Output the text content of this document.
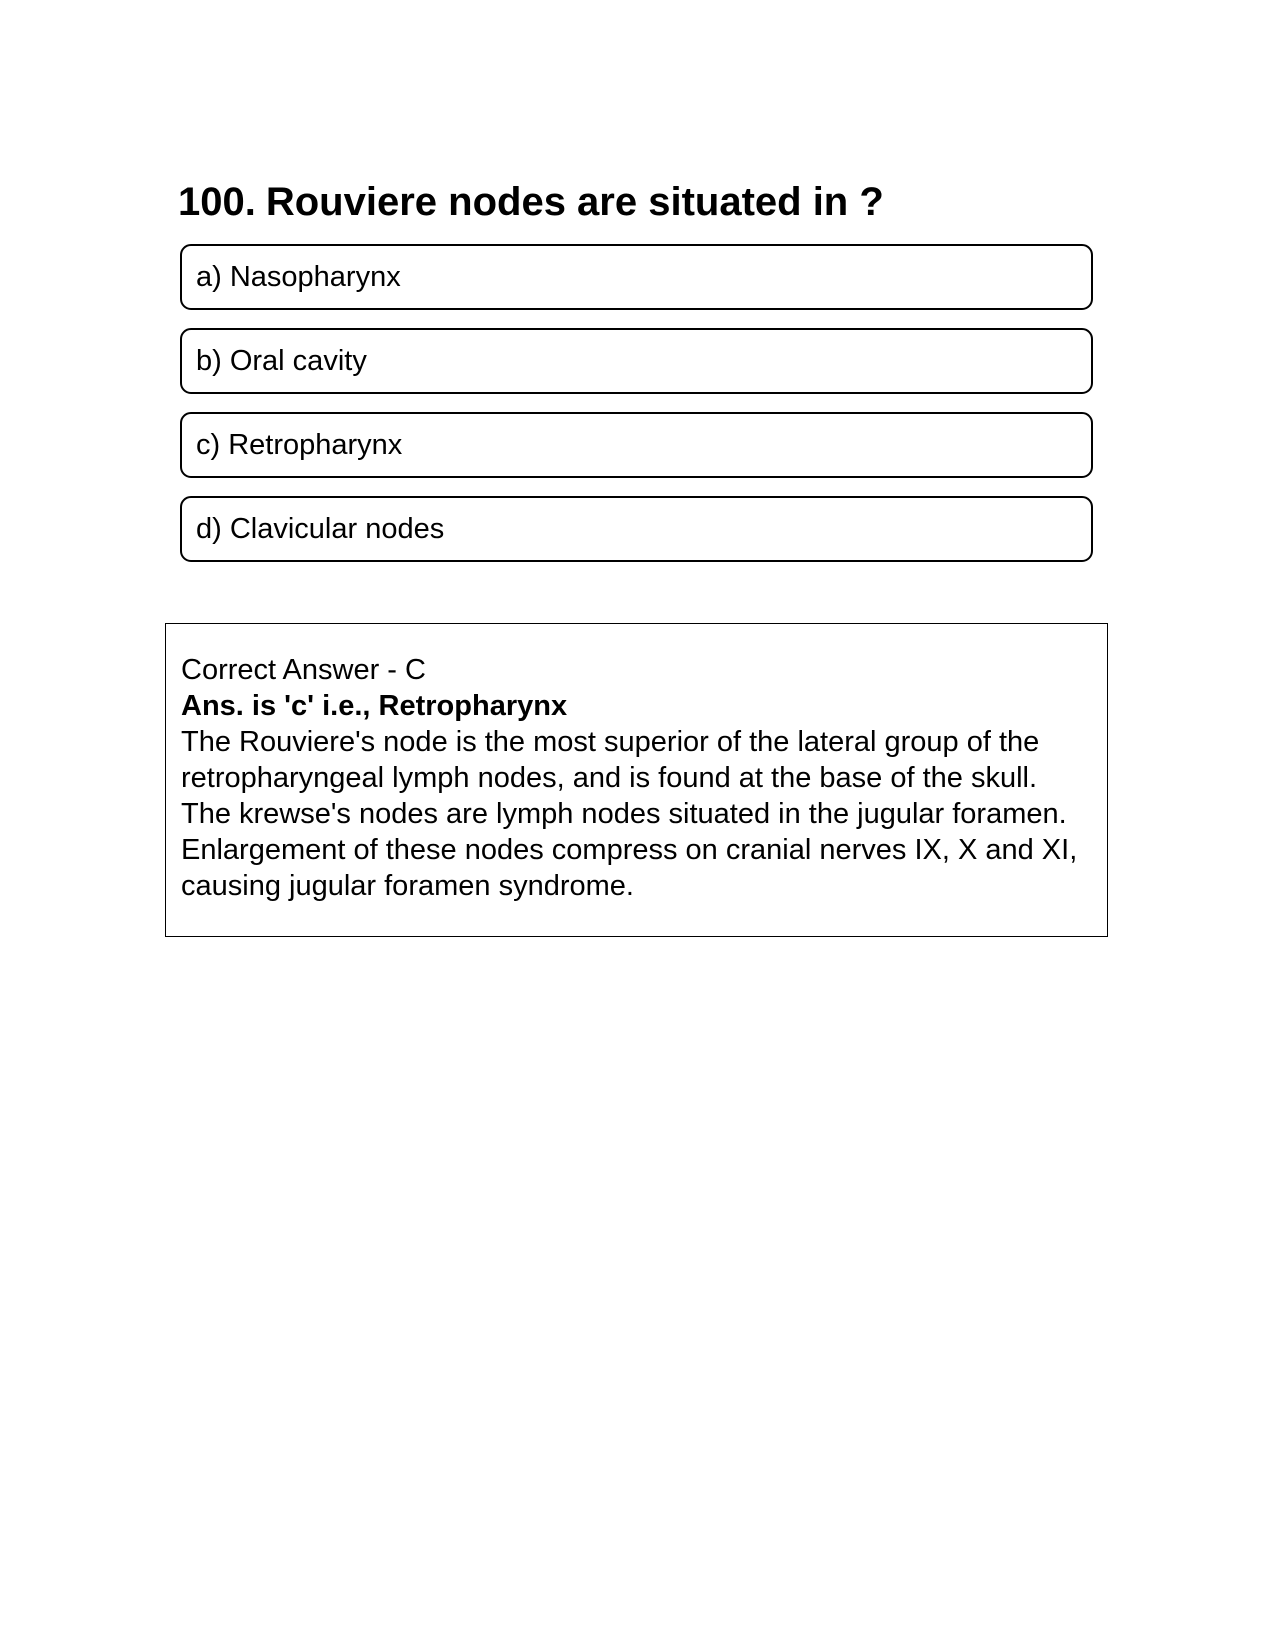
100. Rouviere nodes are situated in ?
a) Nasopharynx
b) Oral cavity
c) Retropharynx
d) Clavicular nodes

Correct Answer - C

Ans. is 'c' i.e., Retropharynx

The Rouviere's node is the most superior of the lateral group of the retropharyngeal lymph nodes, and is found at the base of the skull. The krewse's nodes are lymph nodes situated in the jugular foramen. Enlargement of these nodes compress on cranial nerves IX, X and XI, causing jugular foramen syndrome.
